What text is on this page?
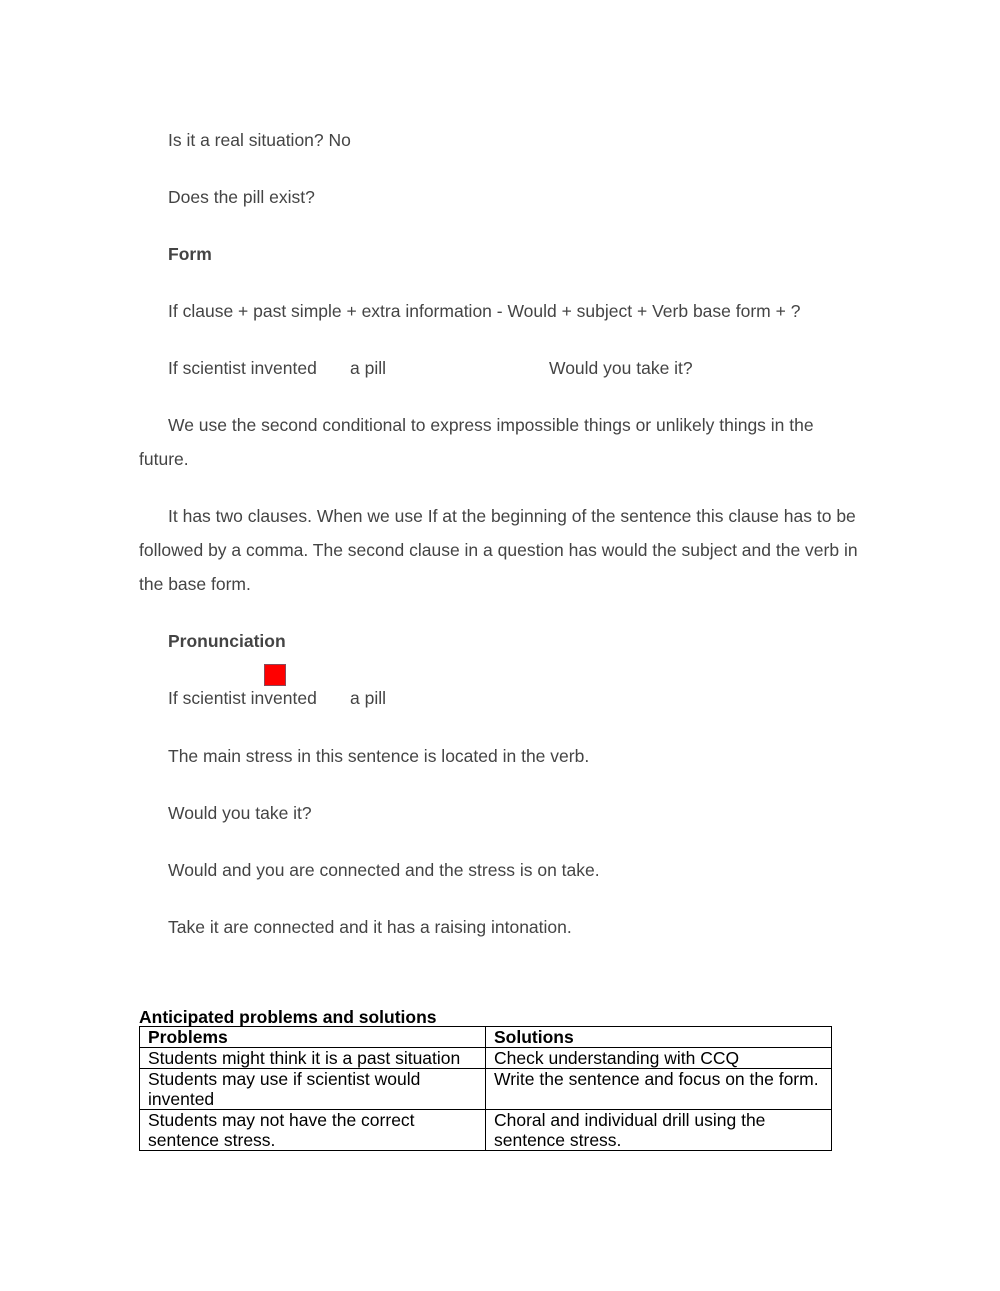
Is it a real situation? No
Does the pill exist?
Form
If clause + past simple + extra information - Would + subject + Verb base form + ?
If scientist invented a pill	Would you take it?
We use the second conditional to express impossible things or unlikely things in the future.
It has two clauses. When we use If at the beginning of the sentence this clause has to be followed by a comma. The second clause in a question has would the subject and the verb in the base form.
Pronunciation
If scientist invented a pill
The main stress in this sentence is located in the verb.
Would you take it?
Would and you are connected and the stress is on take.
Take it are connected and it has a raising intonation.
Anticipated problems and solutions
Problems	Solutions
Students might think it is a past situation	Check understanding with CCQ
Students may use if scientist would invented	Write the sentence and focus on the form.
Students may not have the correct sentence stress.	Choral and individual drill using the sentence stress.
